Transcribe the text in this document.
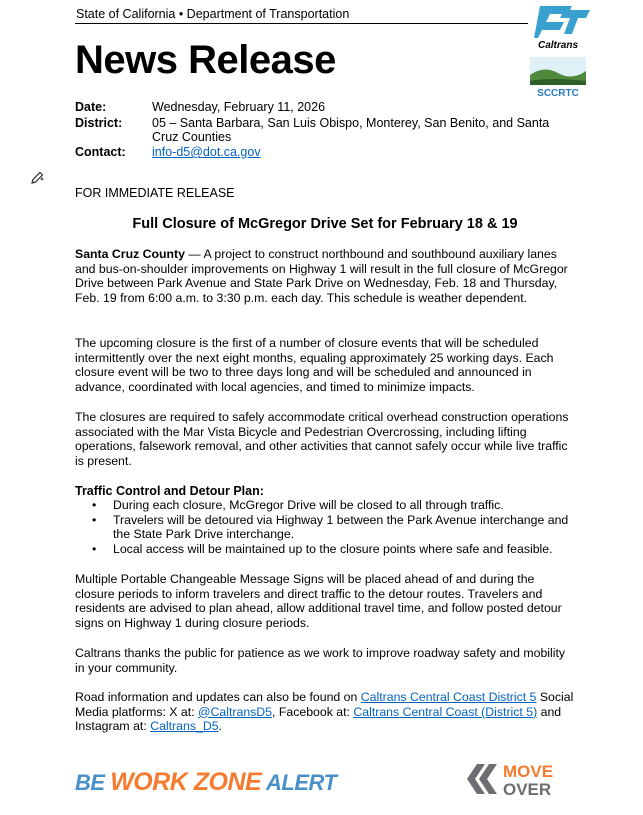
State of California • Department of Transportation
News Release	Caltrans
SCCRTC
Date:	Wednesday, February 11, 2026
District: 05 – Santa Barbara, San Luis Obispo, Monterey, San Benito, and Santa Cruz Counties
Contact: info-d5@dot.ca.gov
FOR IMMEDIATE RELEASE
Full Closure of McGregor Drive Set for February 18 & 19

Santa Cruz County — A project to construct northbound and southbound auxiliary lanes and bus-on-shoulder improvements on Highway 1 will result in the full closure of McGregor Drive between Park Avenue and State Park Drive on Wednesday, Feb. 18 and Thursday, Feb. 19 from 6:00 a.m. to 3:30 p.m. each day. This schedule is weather dependent.

The upcoming closure is the first of a number of closure events that will be scheduled intermittently over the next eight months, equaling approximately 25 working days. Each closure event will be two to three days long and will be scheduled and announced in advance, coordinated with local agencies, and timed to minimize impacts.

The closures are required to safely accommodate critical overhead construction operations associated with the Mar Vista Bicycle and Pedestrian Overcrossing, including lifting operations, falsework removal, and other activities that cannot safely occur while live traffic is present.

Traffic Control and Detour Plan:
• During each closure, McGregor Drive will be closed to all through traffic.
• Travelers will be detoured via Highway 1 between the Park Avenue interchange and the State Park Drive interchange.
• Local access will be maintained up to the closure points where safe and feasible.

Multiple Portable Changeable Message Signs will be placed ahead of and during the closure periods to inform travelers and direct traffic to the detour routes. Travelers and residents are advised to plan ahead, allow additional travel time, and follow posted detour signs on Highway 1 during closure periods.

Caltrans thanks the public for patience as we work to improve roadway safety and mobility in your community.

Road information and updates can also be found on Caltrans Central Coast District 5 Social Media platforms: X at: @CaltransD5, Facebook at: Caltrans Central Coast (District 5) and Instagram at: Caltrans_D5.

BE WORK ZONE ALERT	MOVE
OVER
